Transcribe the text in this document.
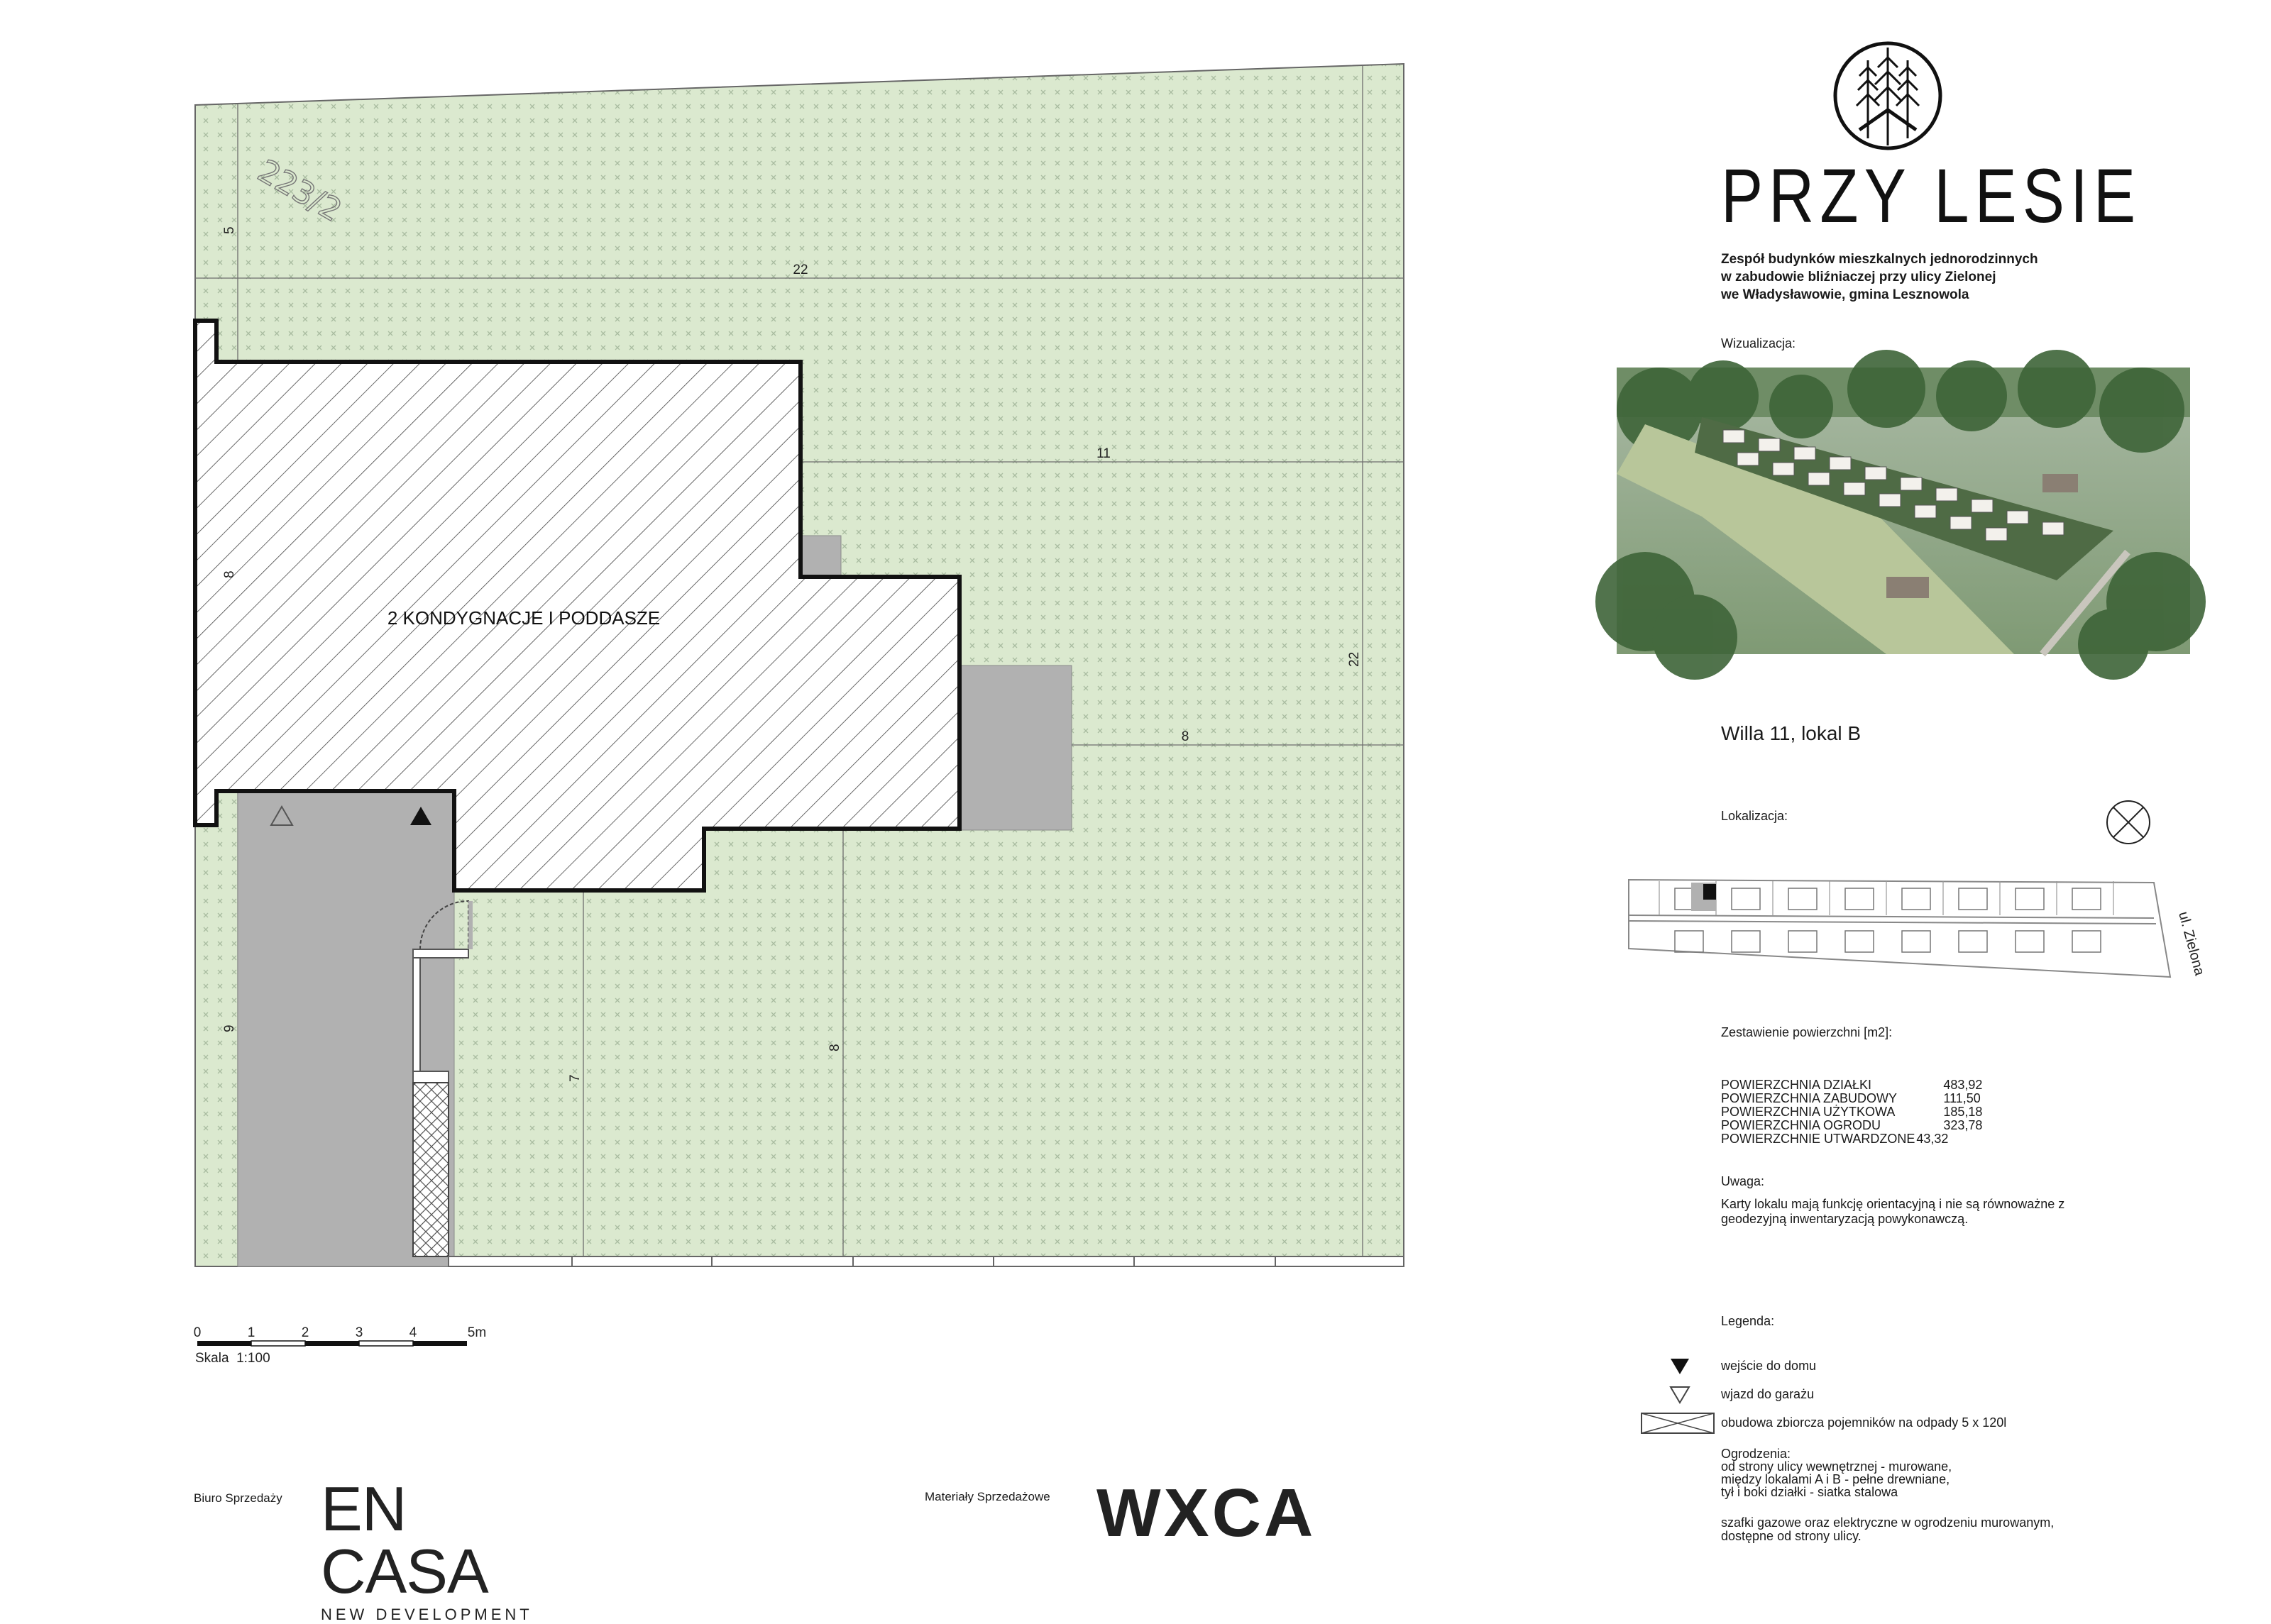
223/2
2 KONDYGNACJE I PODDASZE
5
22
11
8
22
8
9
8
7
0	1	2	3	4	5m
Skala  1:100
Biuro Sprzedaży EN CASA
NEW DEVELOPMENT
Materiały Sprzedażowe WXCA
PRZY LESIE
Zespół budynków mieszkalnych jednorodzinnych
w zabudowie bliźniaczej przy ulicy Zielonej
we Władysławowie, gmina Lesznowola
Wizualizacja:
Willa 11, lokal B
Lokalizacja:
ul. Zielona
Zestawienie powierzchni [m2]:
POWIERZCHNIA DZIAŁKI	483,92
POWIERZCHNIA ZABUDOWY	111,50
POWIERZCHNIA UŻYTKOWA	185,18
POWIERZCHNIA OGRODU	323,78
POWIERZCHNIE UTWARDZONE	43,32
Uwaga:
Karty lokalu mają funkcję orientacyjną i nie są równoważne z
geodezyjną inwentaryzacją powykonawczą.
Legenda:
wejście do domu
wjazd do garażu
obudowa zbiorcza pojemników na odpady 5 x 120l
Ogrodzenia:
od strony ulicy wewnętrznej - murowane,
między lokalami A i B - pełne drewniane,
tył i boki działki - siatka stalowa
szafki gazowe oraz elektryczne w ogrodzeniu murowanym,
dostępne od strony ulicy.
